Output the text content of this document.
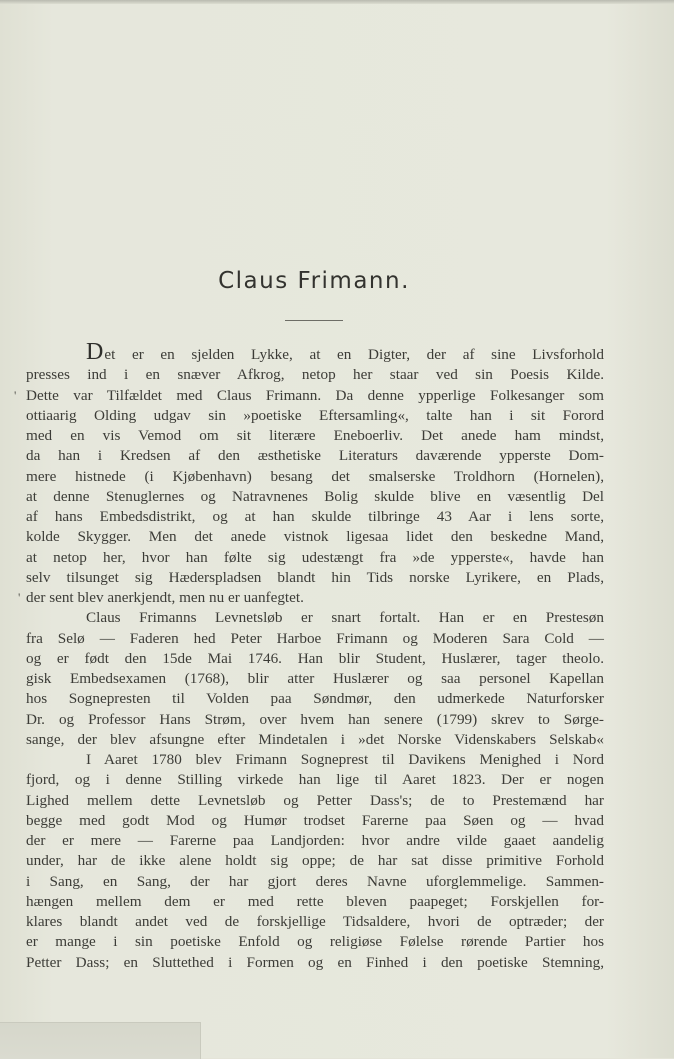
Claus Frimann.
'
'
Det er en sjelden Lykke, at en Digter, der af sine Livsforhold
presses ind i en snæver Afkrog, netop her staar ved sin Poesis Kilde.
Dette var Tilfældet med Claus Frimann. Da denne ypperlige Folkesanger som
ottiaarig Olding udgav sin »poetiske Eftersamling«, talte han i sit Forord
med en vis Vemod om sit literære Eneboerliv. Det anede ham mindst,
da han i Kredsen af den æsthetiske Literaturs daværende ypperste Dom-
mere histnede (i Kjøbenhavn) besang det smalserske Troldhorn (Hornelen),
at denne Stenuglernes og Natravnenes Bolig skulde blive en væsentlig Del
af hans Embedsdistrikt, og at han skulde tilbringe 43 Aar i lens sorte,
kolde Skygger. Men det anede vistnok ligesaa lidet den beskedne Mand,
at netop her, hvor han følte sig udestængt fra »de ypperste«, havde han
selv tilsunget sig Hæderspladsen blandt hin Tids norske Lyrikere, en Plads,
der sent blev anerkjendt, men nu er uanfegtet.
Claus Frimanns Levnetsløb er snart fortalt. Han er en Prestesøn
fra Selø — Faderen hed Peter Harboe Frimann og Moderen Sara Cold —
og er født den 15de Mai 1746. Han blir Student, Huslærer, tager theolo.
gisk Embedsexamen (1768), blir atter Huslærer og saa personel Kapellan
hos Sognepresten til Volden paa Søndmør, den udmerkede Naturforsker
Dr. og Professor Hans Strøm, over hvem han senere (1799) skrev to Sørge-
sange, der blev afsungne efter Mindetalen i »det Norske Videnskabers Selskab«
I Aaret 1780 blev Frimann Sogneprest til Davikens Menighed i Nord
fjord, og i denne Stilling virkede han lige til Aaret 1823. Der er nogen
Lighed mellem dette Levnetsløb og Petter Dass's; de to Prestemænd har
begge med godt Mod og Humør trodset Farerne paa Søen og — hvad
der er mere — Farerne paa Landjorden: hvor andre vilde gaaet aandelig
under, har de ikke alene holdt sig oppe; de har sat disse primitive Forhold
i Sang, en Sang, der har gjort deres Navne uforglemmelige. Sammen-
hængen mellem dem er med rette bleven paapeget; Forskjellen for-
klares blandt andet ved de forskjellige Tidsaldere, hvori de optræder; der
er mange i sin poetiske Enfold og religiøse Følelse rørende Partier hos
Petter Dass; en Sluttethed i Formen og en Finhed i den poetiske Stemning,
